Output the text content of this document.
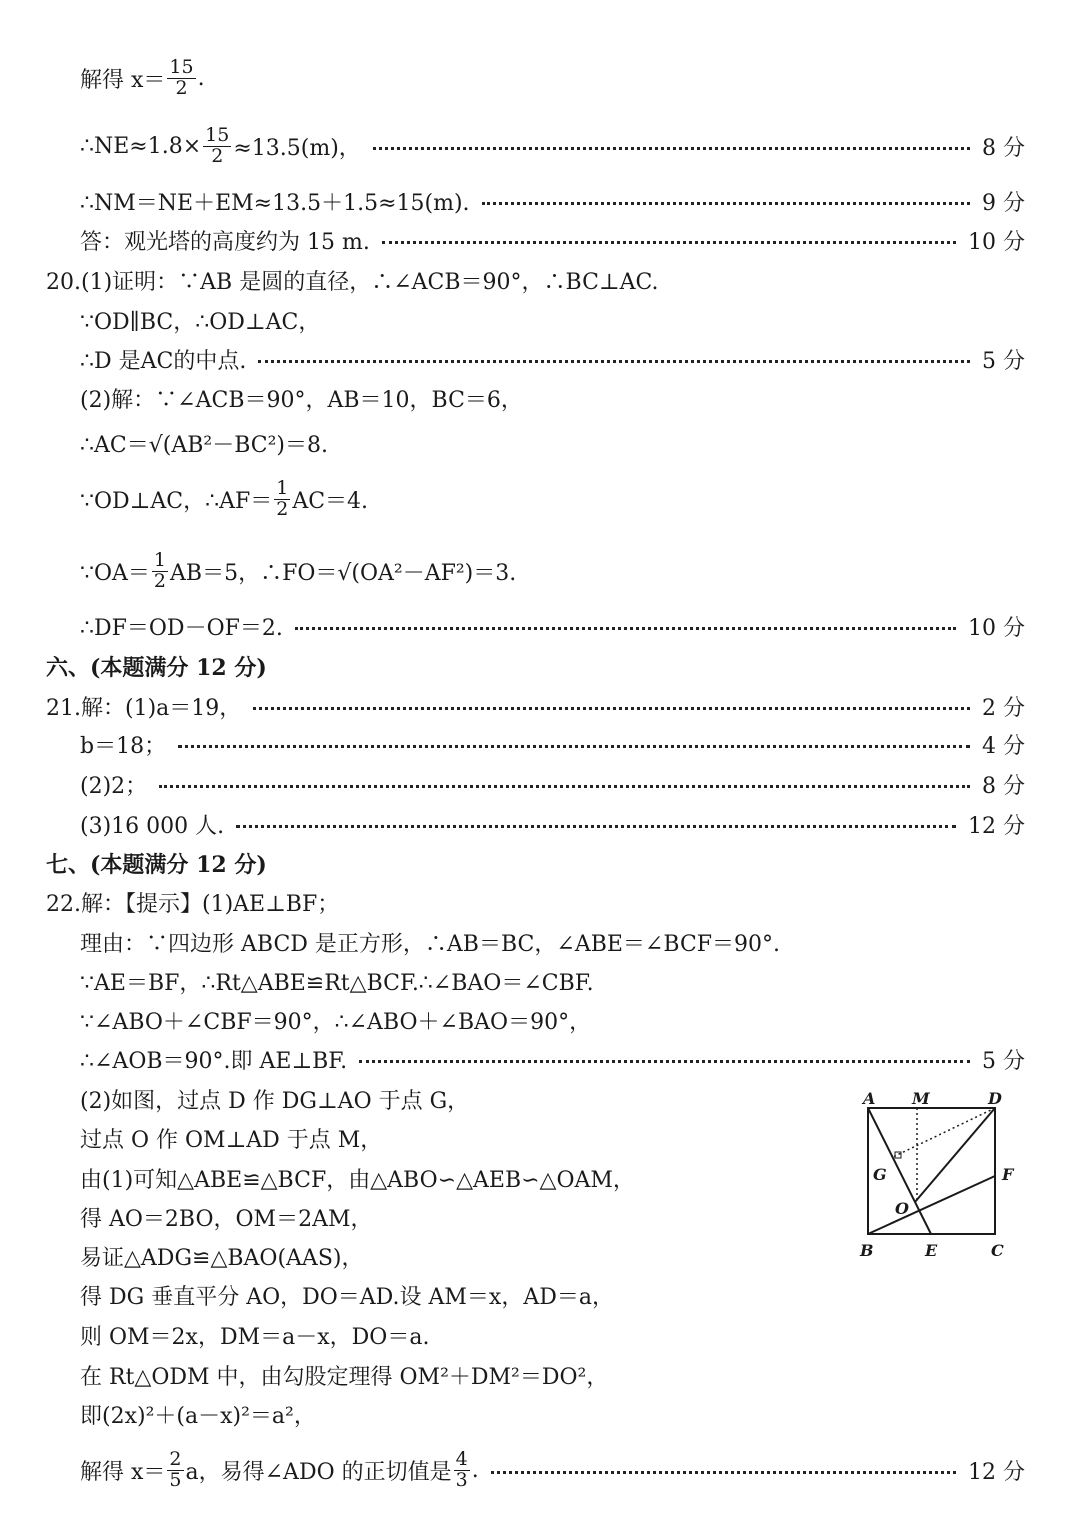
解得 $x= \frac{15}{2}$ .
∴NE≈1.8× $\frac{15}{2} \approx 13.5(m)$，	8 分
∴NM＝NE＋EM≈13.5＋1.5≈15(m).	9 分
答：观光塔的高度约为 15 m.	10 分
20.(1)证明：∵AB 是圆的直径，∴∠ACB＝90°，∴BC⊥AC.
∵OD∥BC，∴OD⊥AC，
∴D 是AC的中点.	5 分
(2)解：∵∠ACB＝90°，AB＝10，BC＝6，
∴AC＝√(AB²－BC²)＝8.
∵OD⊥AC，∴AF＝ $\frac{1}{2} AC=4$.
∵OA＝ $\frac{1}{2} AB=5$，∴FO＝√(OA²－AF²)＝3.
∴DF＝OD－OF＝2.	10 分
六、(本题满分 12 分)
21.解：(1)a＝19，	2 分
b＝18；	4 分
(2)2；	8 分
(3)16 000 人.	12 分
七、(本题满分 12 分)
22.解：【提示】(1)AE⊥BF；
理由：∵四边形 ABCD 是正方形，∴AB＝BC，∠ABE＝∠BCF＝90°.
∵AE＝BF，∴Rt△ABE≌Rt△BCF.∴∠BAO＝∠CBF.
∵∠ABO＋∠CBF＝90°，∴∠ABO＋∠BAO＝90°，
∴∠AOB＝90°.即 AE⊥BF.	5 分
(2)如图，过点 D 作 DG⊥AO 于点 G，
过点 O 作 OM⊥AD 于点 M，
由(1)可知△ABE≌△BCF，由△ABO∽△AEB∽△OAM，
得 AO＝2BO，OM＝2AM，
易证△ADG≌△BAO(AAS)，
得 DG 垂直平分 AO，DO＝AD.设 AM＝x，AD＝a，
则 OM＝2x，DM＝a－x，DO＝a.
在 Rt△ODM 中，由勾股定理得 OM²＋DM²＝DO²，
即(2x)²＋(a－x)²＝a²，
解得 $x= \frac{2}{5}$ a，易得∠ADO 的正切值是 $\frac{4}{3}$ .	12 分
A M	D
G	F
O
B	E	C
